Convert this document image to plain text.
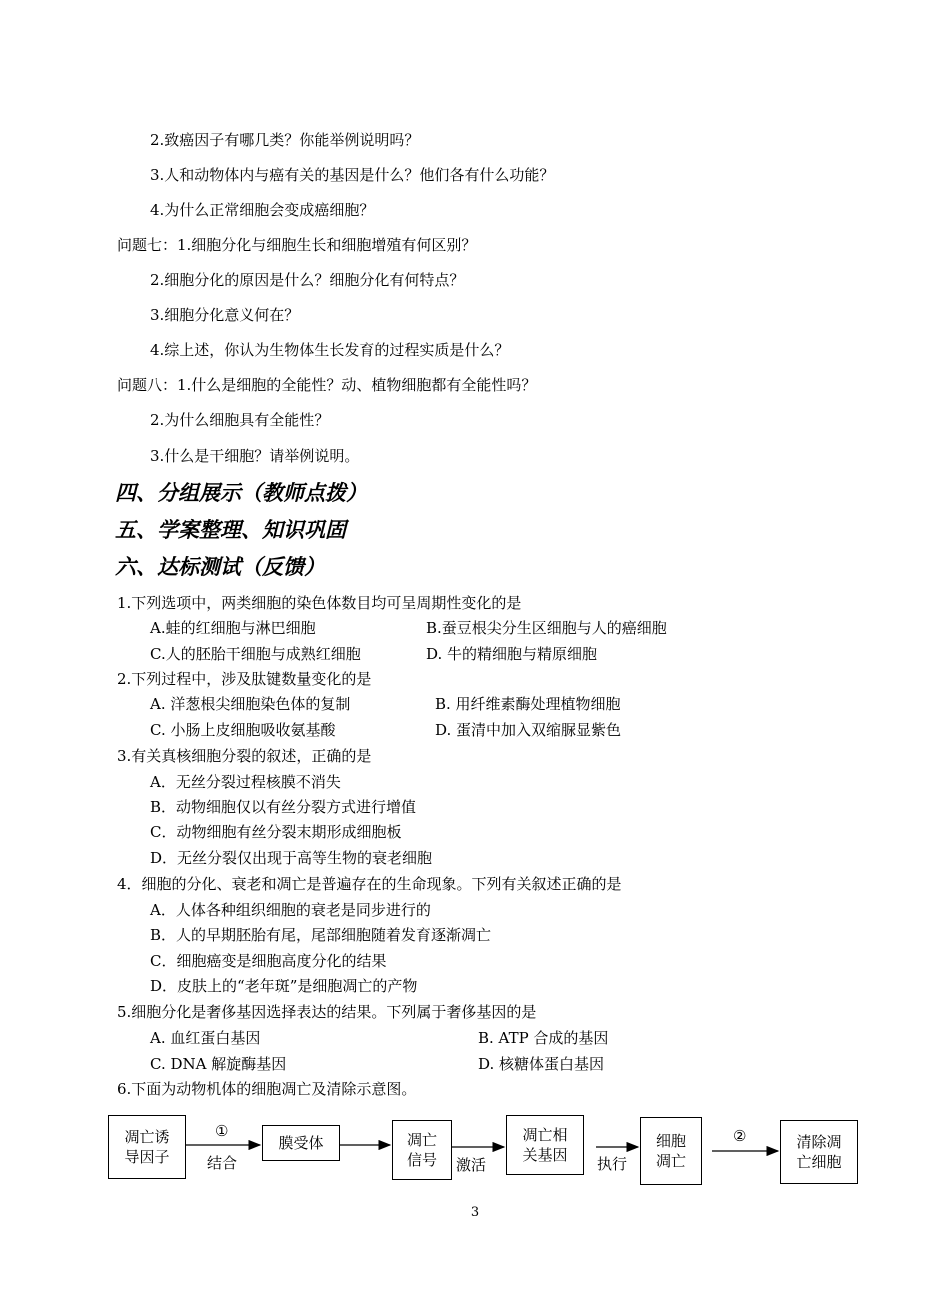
2.致癌因子有哪几类？你能举例说明吗？
3.人和动物体内与癌有关的基因是什么？他们各有什么功能？
4.为什么正常细胞会变成癌细胞？
问题七：1.细胞分化与细胞生长和细胞增殖有何区别？
2.细胞分化的原因是什么？细胞分化有何特点？
3.细胞分化意义何在？
4.综上述，你认为生物体生长发育的过程实质是什么？
问题八：1.什么是细胞的全能性？动、植物细胞都有全能性吗？
2.为什么细胞具有全能性？
3.什么是干细胞？请举例说明。
四、分组展示（教师点拨）
五、学案整理、知识巩固
六、达标测试（反馈）
1.下列选项中，两类细胞的染色体数目均可呈周期性变化的是
A.蛙的红细胞与淋巴细胞	B.蚕豆根尖分生区细胞与人的癌细胞
C.人的胚胎干细胞与成熟红细胞	D. 牛的精细胞与精原细胞
2.下列过程中，涉及肽键数量变化的是
A. 洋葱根尖细胞染色体的复制	B. 用纤维素酶处理植物细胞
C. 小肠上皮细胞吸收氨基酸	D. 蛋清中加入双缩脲显紫色
3.有关真核细胞分裂的叙述，正确的是
A．无丝分裂过程核膜不消失
B．动物细胞仅以有丝分裂方式进行增值
C．动物细胞有丝分裂末期形成细胞板
D．无丝分裂仅出现于高等生物的衰老细胞
4．细胞的分化、衰老和凋亡是普遍存在的生命现象。下列有关叙述正确的是
A．人体各种组织细胞的衰老是同步进行的
B．人的早期胚胎有尾，尾部细胞随着发育逐渐凋亡
C．细胞癌变是细胞高度分化的结果
D．皮肤上的“老年斑”是细胞凋亡的产物
5.细胞分化是奢侈基因选择表达的结果。下列属于奢侈基因的是
A. 血红蛋白基因	B. ATP 合成的基因
C. DNA 解旋酶基因	D. 核糖体蛋白基因
6.下面为动物机体的细胞凋亡及清除示意图。
凋亡诱
导因子
膜受体	凋亡
信号
凋亡相
关基因
细胞
凋亡
清除凋
亡细胞
①
结合	激活	执行
②
3
